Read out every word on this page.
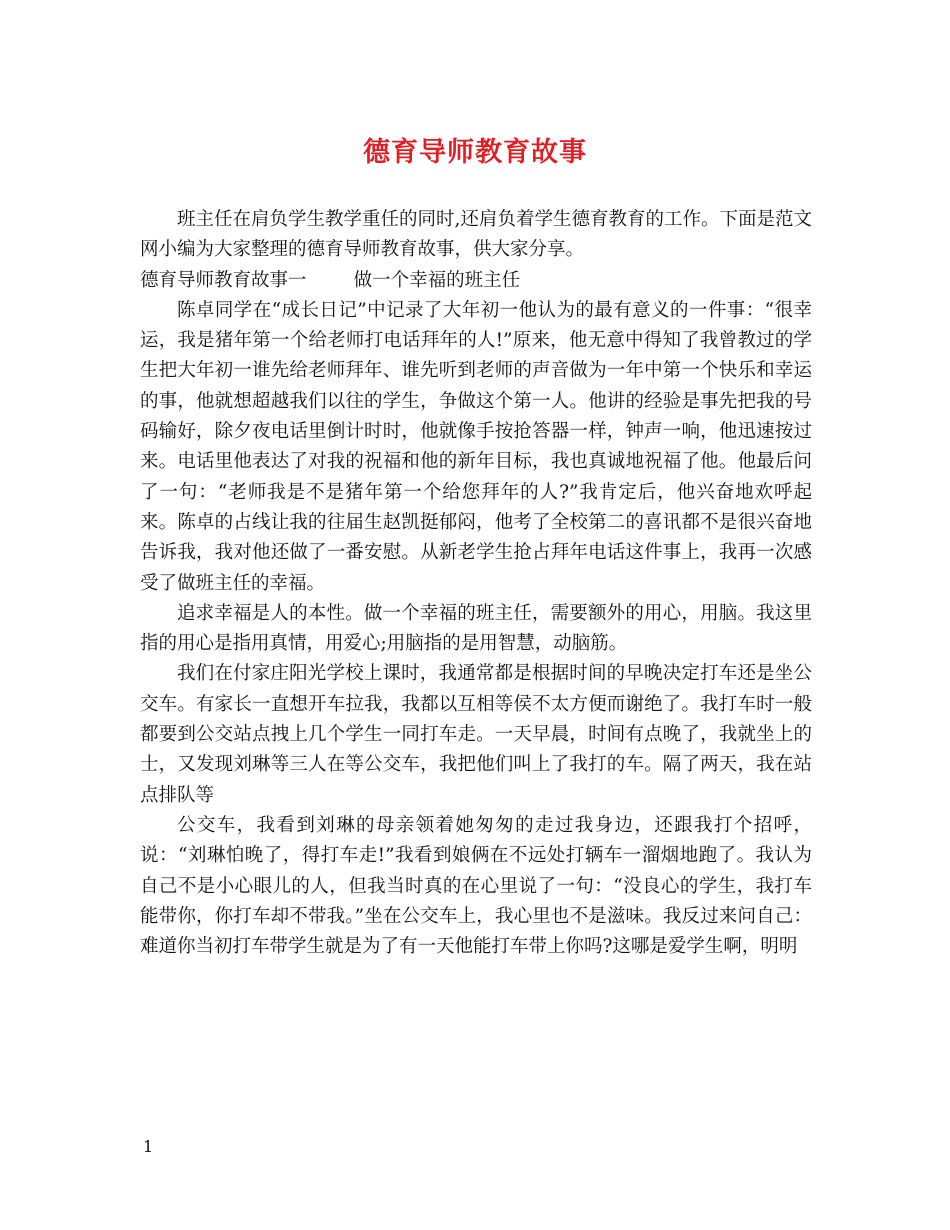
德育导师教育故事

班主任在肩负学生教学重任的同时,还肩负着学生德育教育的工作。下面是范文网小编为大家整理的德育导师教育故事，供大家分享。

德育导师教育故事一	做一个幸福的班主任

陈卓同学在“成长日记”中记录了大年初一他认为的最有意义的一件事：“很幸运，我是猪年第一个给老师打电话拜年的人!”原来，他无意中得知了我曾教过的学生把大年初一谁先给老师拜年、谁先听到老师的声音做为一年中第一个快乐和幸运的事，他就想超越我们以往的学生，争做这个第一人。他讲的经验是事先把我的号码输好，除夕夜电话里倒计时时，他就像手按抢答器一样，钟声一响，他迅速按过来。电话里他表达了对我的祝福和他的新年目标，我也真诚地祝福了他。他最后问了一句：“老师我是不是猪年第一个给您拜年的人?”我肯定后，他兴奋地欢呼起来。陈卓的占线让我的往届生赵凯挺郁闷，他考了全校第二的喜讯都不是很兴奋地告诉我，我对他还做了一番安慰。从新老学生抢占拜年电话这件事上，我再一次感受了做班主任的幸福。

追求幸福是人的本性。做一个幸福的班主任，需要额外的用心，用脑。我这里指的用心是指用真情，用爱心;用脑指的是用智慧，动脑筋。

我们在付家庄阳光学校上课时，我通常都是根据时间的早晚决定打车还是坐公交车。有家长一直想开车拉我，我都以互相等侯不太方便而谢绝了。我打车时一般都要到公交站点拽上几个学生一同打车走。一天早晨，时间有点晚了，我就坐上的士，又发现刘琳等三人在等公交车，我把他们叫上了我打的车。隔了两天，我在站点排队等

公交车，我看到刘琳的母亲领着她匆匆的走过我身边，还跟我打个招呼，说：“刘琳怕晚了，得打车走!”我看到娘俩在不远处打辆车一溜烟地跑了。我认为自己不是小心眼儿的人，但我当时真的在心里说了一句：“没良心的学生，我打车能带你，你打车却不带我。”坐在公交车上，我心里也不是滋味。我反过来问自己：难道你当初打车带学生就是为了有一天他能打车带上你吗?这哪是爱学生啊，明明

1
